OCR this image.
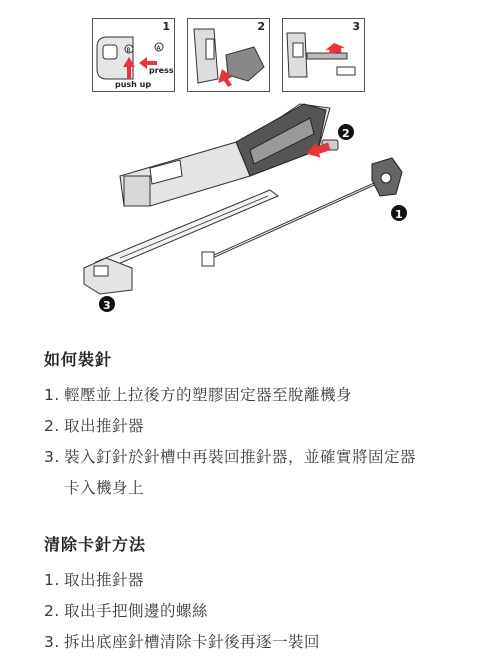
1
B	A
press
push up
2	3
2
1
3
如何裝針
1. 輕壓並上拉後方的塑膠固定器至脫離機身
2. 取出推針器
3. 裝入釘針於針槽中再裝回推針器，並確實將固定器
卡入機身上
清除卡針方法
1. 取出推針器
2. 取出手把側邊的螺絲
3. 拆出底座針槽清除卡針後再逐一裝回
